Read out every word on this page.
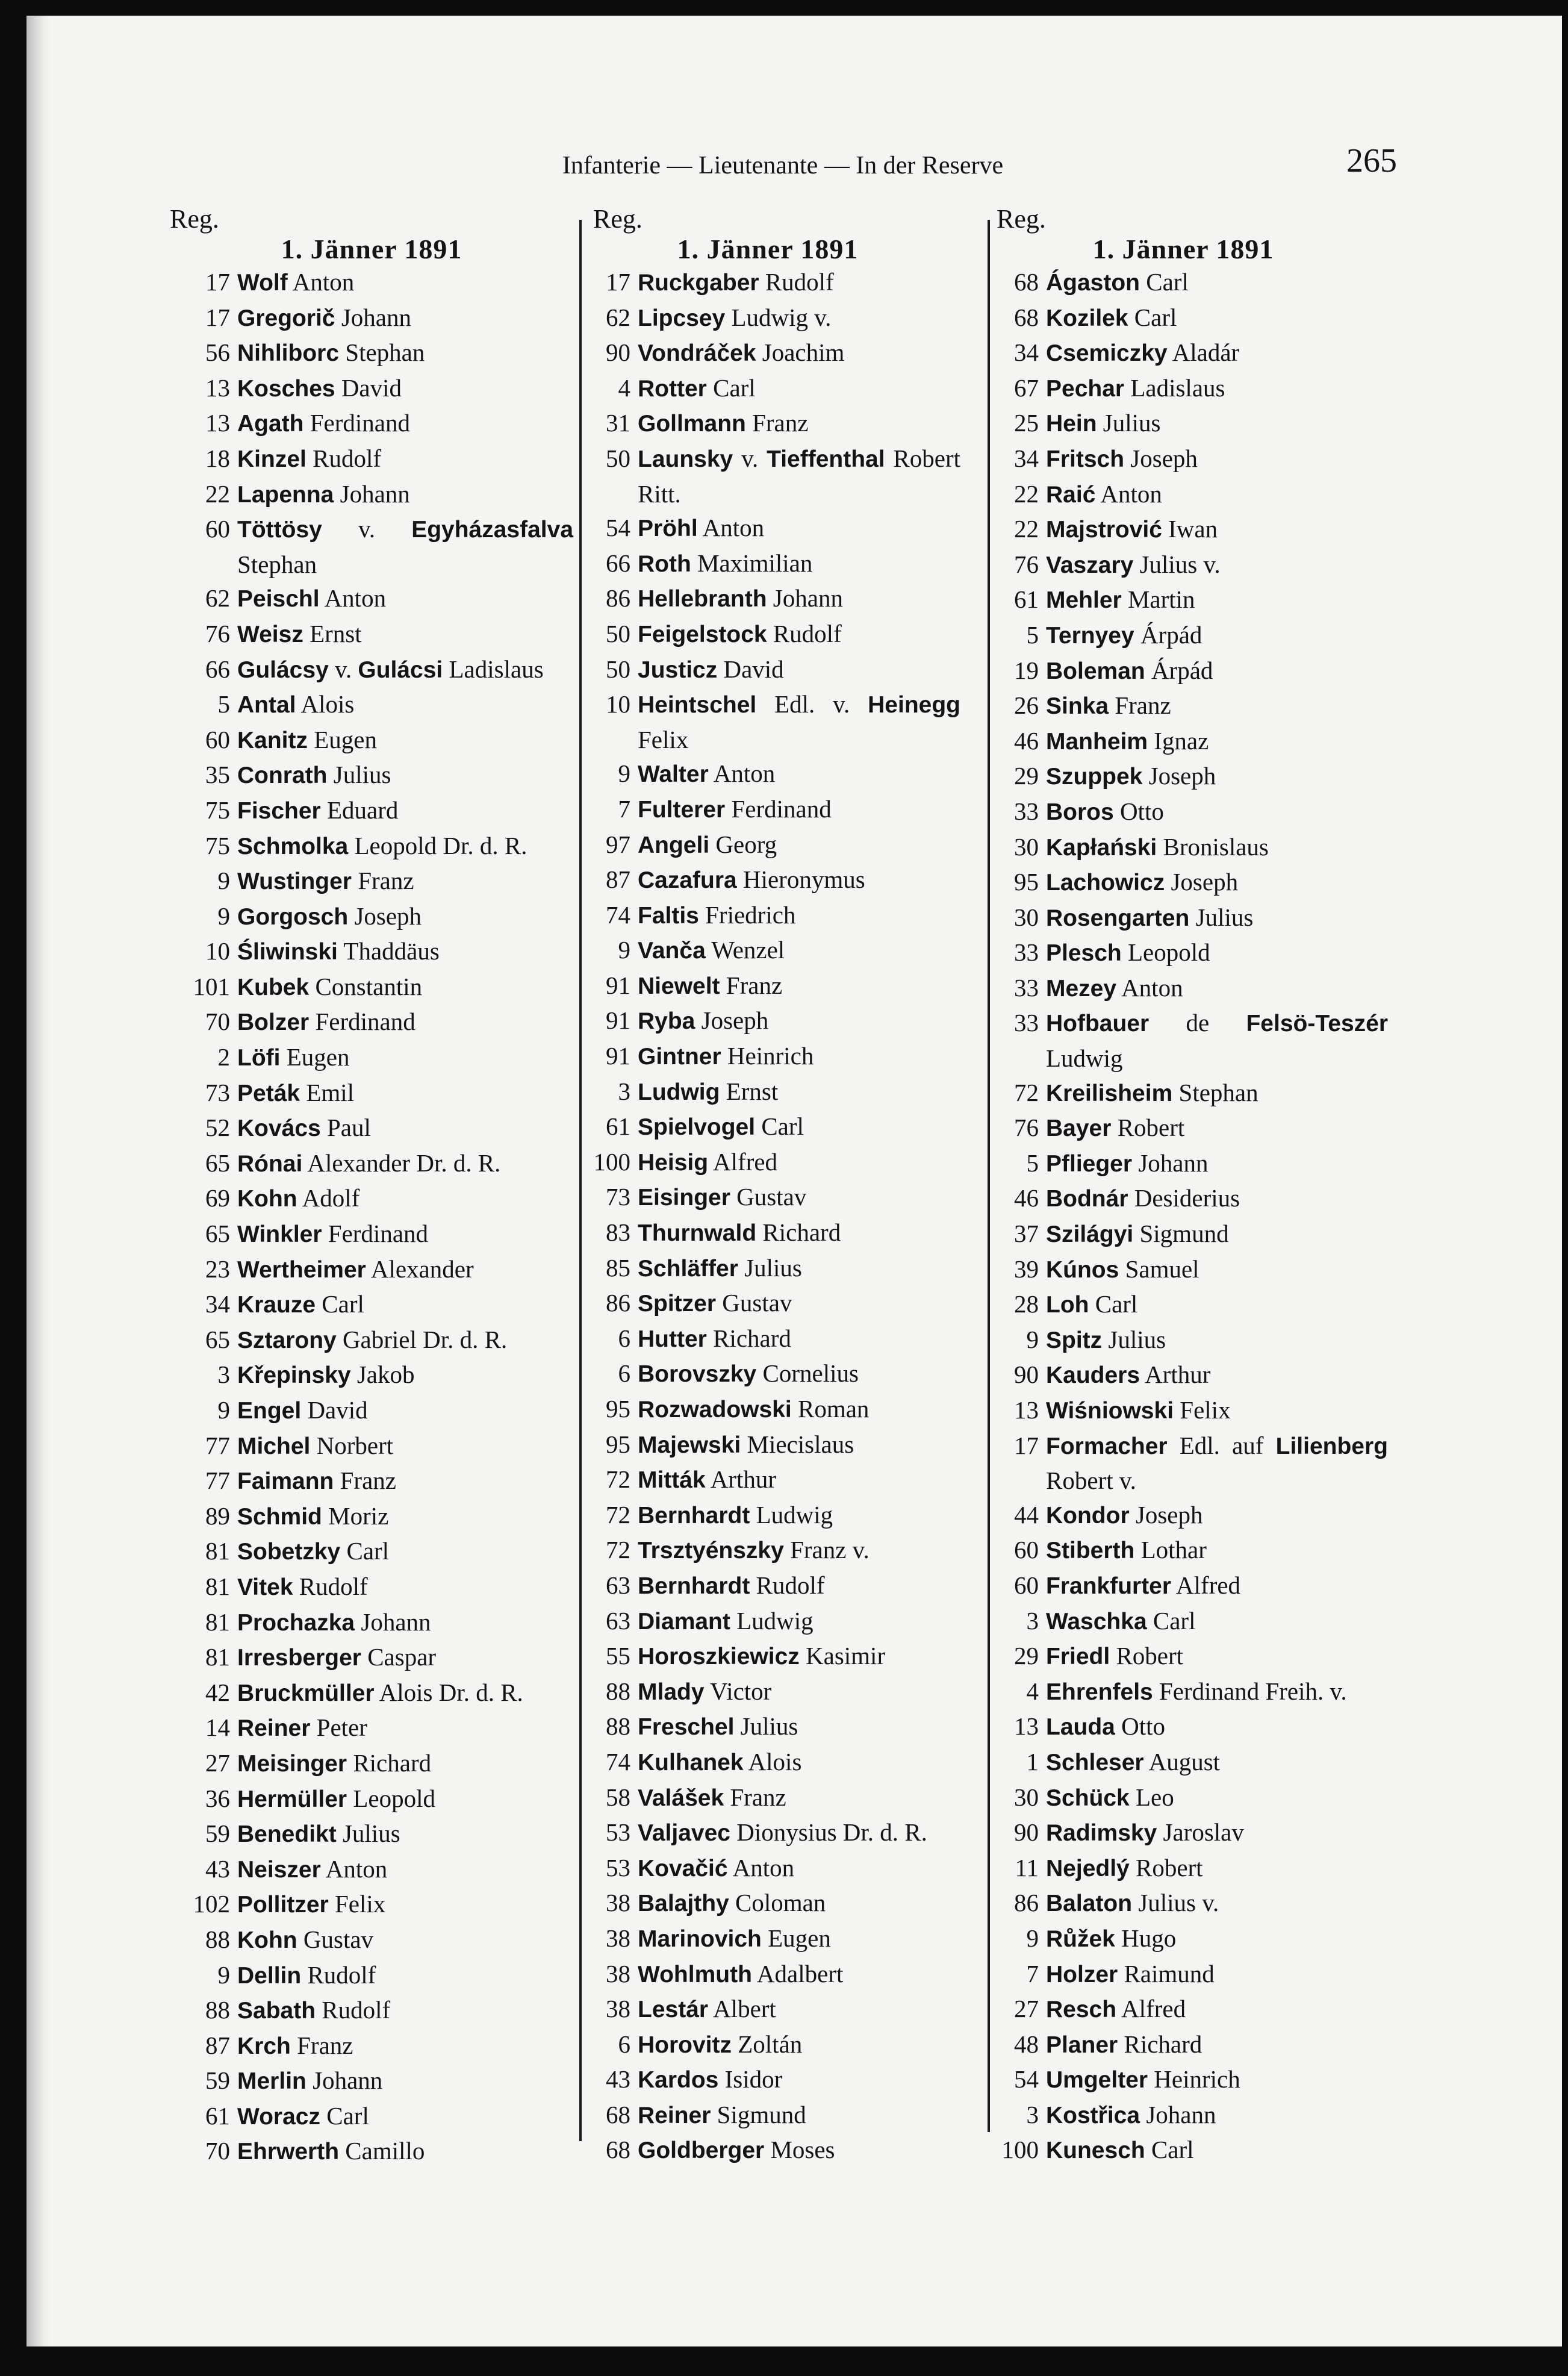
Infanterie — Lieutenante — In der Reserve	265
Reg.
1. Jänner 1891
17 Wolf Anton
17 Gregorič Johann
56 Nihliborc Stephan
13 Kosches David
13 Agath Ferdinand
18 Kinzel Rudolf
22 Lapenna Johann
60 Töttösy v. Egyházasfalva Stephan
62 Peischl Anton
76 Weisz Ernst
66 Gulácsy v. Gulácsi Ladislaus
5 Antal Alois
60 Kanitz Eugen
35 Conrath Julius
75 Fischer Eduard
75 Schmolka Leopold Dr. d. R.
9 Wustinger Franz
9 Gorgosch Joseph
10 Śliwinski Thaddäus
101 Kubek Constantin
70 Bolzer Ferdinand
2 Löfi Eugen
73 Peták Emil
52 Kovács Paul
65 Rónai Alexander Dr. d. R.
69 Kohn Adolf
65 Winkler Ferdinand
23 Wertheimer Alexander
34 Krauze Carl
65 Sztarony Gabriel Dr. d. R.
3 Křepinsky Jakob
9 Engel David
77 Michel Norbert
77 Faimann Franz
89 Schmid Moriz
81 Sobetzky Carl
81 Vitek Rudolf
81 Prochazka Johann
81 Irresberger Caspar
42 Bruckmüller Alois Dr. d. R.
14 Reiner Peter
27 Meisinger Richard
36 Hermüller Leopold
59 Benedikt Julius
43 Neiszer Anton
102 Pollitzer Felix
88 Kohn Gustav
9 Dellin Rudolf
88 Sabath Rudolf
87 Krch Franz
59 Merlin Johann
61 Woracz Carl
70 Ehrwerth Camillo
Reg.
1. Jänner 1891
17 Ruckgaber Rudolf
62 Lipcsey Ludwig v.
90 Vondráček Joachim
4 Rotter Carl
31 Gollmann Franz
50 Launsky v. Tieffenthal Robert Ritt.
54 Pröhl Anton
66 Roth Maximilian
86 Hellebranth Johann
50 Feigelstock Rudolf
50 Justicz David
10 Heintschel Edl. v. Heinegg Felix
9 Walter Anton
7 Fulterer Ferdinand
97 Angeli Georg
87 Cazafura Hieronymus
74 Faltis Friedrich
9 Vanča Wenzel
91 Niewelt Franz
91 Ryba Joseph
91 Gintner Heinrich
3 Ludwig Ernst
61 Spielvogel Carl
100 Heisig Alfred
73 Eisinger Gustav
83 Thurnwald Richard
85 Schläffer Julius
86 Spitzer Gustav
6 Hutter Richard
6 Borovszky Cornelius
95 Rozwadowski Roman
95 Majewski Miecislaus
72 Mitták Arthur
72 Bernhardt Ludwig
72 Trsztyénszky Franz v.
63 Bernhardt Rudolf
63 Diamant Ludwig
55 Horoszkiewicz Kasimir
88 Mlady Victor
88 Freschel Julius
74 Kulhanek Alois
58 Valášek Franz
53 Valjavec Dionysius Dr. d. R.
53 Kovačić Anton
38 Balajthy Coloman
38 Marinovich Eugen
38 Wohlmuth Adalbert
38 Lestár Albert
6 Horovitz Zoltán
43 Kardos Isidor
68 Reiner Sigmund
68 Goldberger Moses
Reg.
1. Jänner 1891
68 Ágaston Carl
68 Kozilek Carl
34 Csemiczky Aladár
67 Pechar Ladislaus
25 Hein Julius
34 Fritsch Joseph
22 Raić Anton
22 Majstrović Iwan
76 Vaszary Julius v.
61 Mehler Martin
5 Ternyey Árpád
19 Boleman Árpád
26 Sinka Franz
46 Manheim Ignaz
29 Szuppek Joseph
33 Boros Otto
30 Kapłański Bronislaus
95 Lachowicz Joseph
30 Rosengarten Julius
33 Plesch Leopold
33 Mezey Anton
33 Hofbauer de Felsö-Teszér Ludwig
72 Kreilisheim Stephan
76 Bayer Robert
5 Pflieger Johann
46 Bodnár Desiderius
37 Szilágyi Sigmund
39 Kúnos Samuel
28 Loh Carl
9 Spitz Julius
90 Kauders Arthur
13 Wiśniowski Felix
17 Formacher Edl. auf Lilienberg Robert v.
44 Kondor Joseph
60 Stiberth Lothar
60 Frankfurter Alfred
3 Waschka Carl
29 Friedl Robert
4 Ehrenfels Ferdinand Freih. v.
13 Lauda Otto
1 Schleser August
30 Schück Leo
90 Radimsky Jaroslav
11 Nejedlý Robert
86 Balaton Julius v.
9 Růžek Hugo
7 Holzer Raimund
27 Resch Alfred
48 Planer Richard
54 Umgelter Heinrich
3 Kostřica Johann
100 Kunesch Carl
